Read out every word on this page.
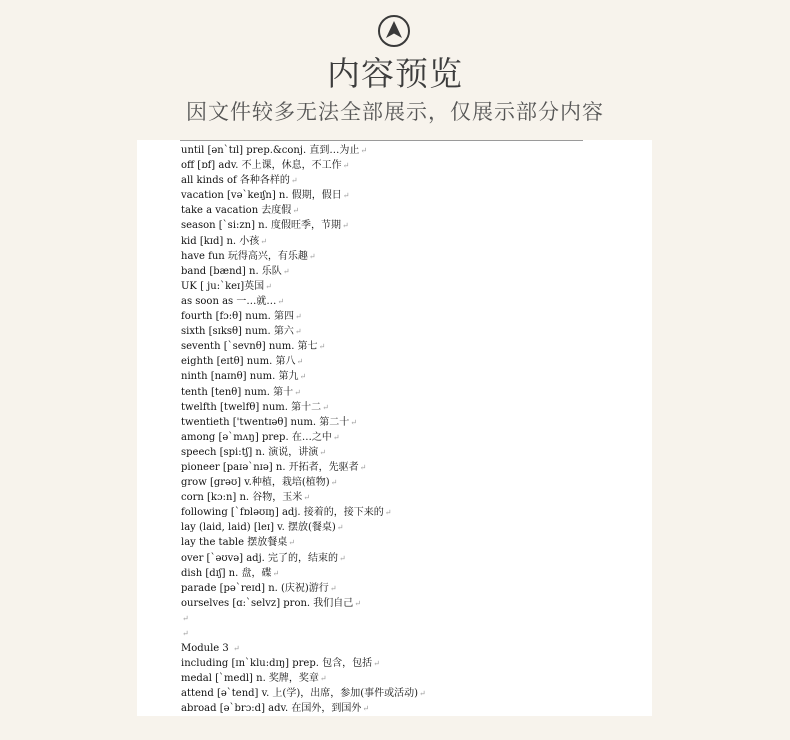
内容预览
因文件较多无法全部展示，仅展示部分内容
until [ən`tɪl] prep.&conj. 直到…为止↵
off [ɒf] adv. 不上课，休息，不工作↵
all kinds of 各种各样的↵
vacation [və`keɪʃn] n. 假期，假日↵
take a vacation 去度假↵
season [`si:zn] n. 度假旺季，节期↵
kid [kɪd] n. 小孩↵
have fun 玩得高兴，有乐趣↵
band [bænd] n. 乐队↵
UK [ ju:`keɪ]英国↵
as soon as 一…就…↵
fourth [fɔ:θ] num. 第四↵
sixth [sɪksθ] num. 第六↵
seventh [`sevnθ] num. 第七↵
eighth [eɪtθ] num. 第八↵
ninth [naɪnθ] num. 第九↵
tenth [tenθ] num. 第十↵
twelfth [twelfθ] num. 第十二↵
twentieth ['twentɪəθ] num. 第二十↵
among [ə`mʌŋ] prep. 在…之中↵
speech [spi:tʃ] n. 演说，讲演↵
pioneer [paɪə`nɪə] n. 开拓者，先驱者↵
grow [grəʊ] v.种植，栽培(植物)↵
corn [kɔ:n] n. 谷物，玉米↵
following [`fɒləʊɪŋ] adj. 接着的，接下来的↵
lay (laid, laid) [leɪ] v. 摆放(餐桌)↵
lay the table 摆放餐桌↵
over [`əʊvə] adj. 完了的，结束的↵
dish [dɪʃ] n. 盘，碟↵
parade [pə`reɪd] n. (庆祝)游行↵
ourselves [ɑ:`selvz] pron. 我们自己↵
↵
↵
Module 3 ↵
including [ɪn`klu:dɪŋ] prep. 包含，包括↵
medal [`medl] n. 奖牌，奖章↵
attend [ə`tend] v. 上(学)，出席，参加(事件或活动)↵
abroad [ə`brɔ:d] adv. 在国外，到国外↵
